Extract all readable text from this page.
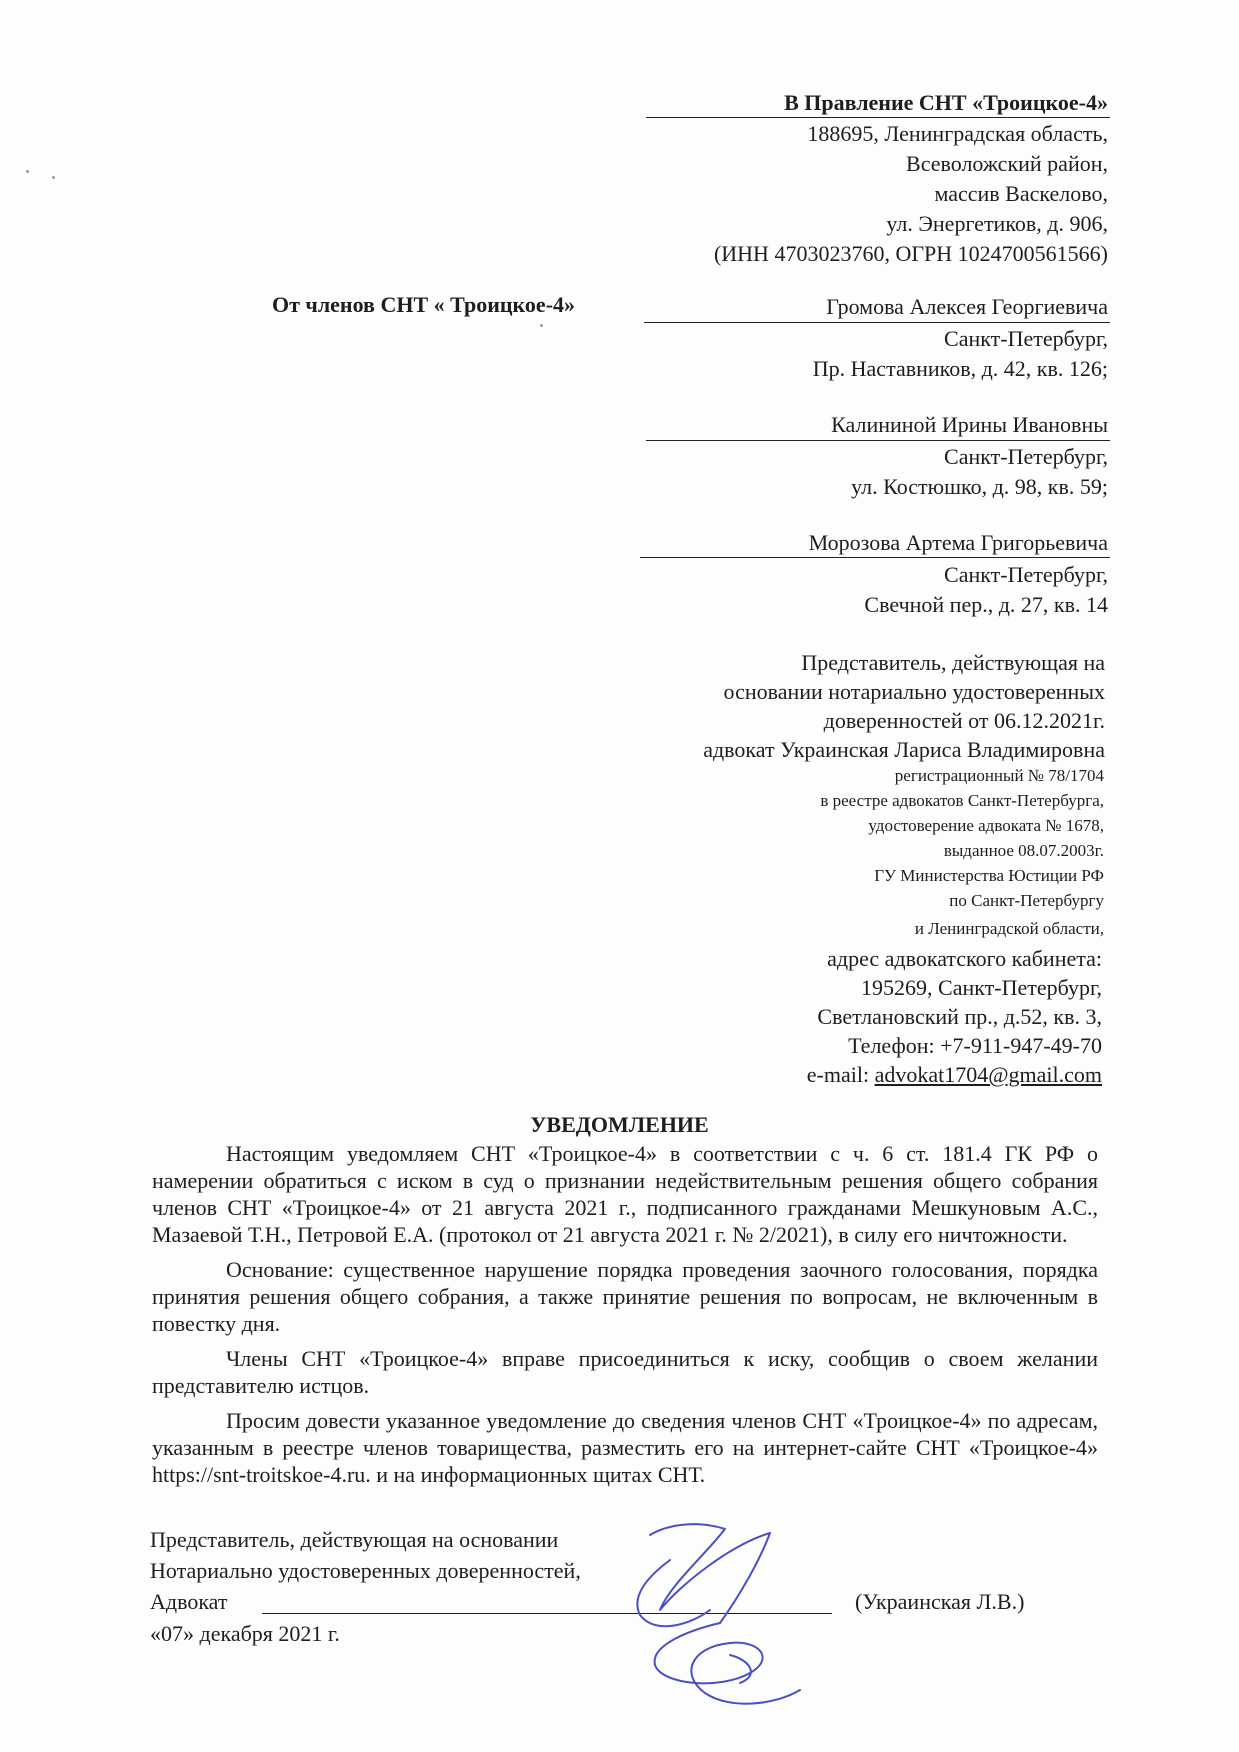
В Правление СНТ «Троицкое-4»
188695, Ленинградская область,
Всеволожский район,
массив Васкелово,
ул. Энергетиков, д. 906,
(ИНН 4703023760, ОГРН 1024700561566)
От членов СНТ « Троицкое-4»	Громова Алексея Георгиевича
Санкт-Петербург,
Пр. Наставников, д. 42, кв. 126;
Калининой Ирины Ивановны
Санкт-Петербург,
ул. Костюшко, д. 98, кв. 59;
Морозова Артема Григорьевича
Санкт-Петербург,
Свечной пер., д. 27, кв. 14
Представитель, действующая на
основании нотариально удостоверенных
доверенностей от 06.12.2021г.
адвокат Украинская Лариса Владимировна
регистрационный № 78/1704
в реестре адвокатов Санкт-Петербурга,
удостоверение адвоката № 1678,
выданное 08.07.2003г.
ГУ Министерства Юстиции РФ
по Санкт-Петербургу
и Ленинградской области,
адрес адвокатского кабинета:
195269, Санкт-Петербург,
Светлановский пр., д.52, кв. 3,
Телефон: +7-911-947-49-70
e-mail: advokat1704@gmail.com
УВЕДОМЛЕНИЕ

Настоящим уведомляем СНТ «Троицкое-4» в соответствии с ч. 6 ст. 181.4 ГК РФ о намерении обратиться с иском в суд о признании недействительным решения общего собрания членов СНТ «Троицкое-4» от 21 августа 2021 г., подписанного гражданами Мешкуновым А.С., Мазаевой Т.Н., Петровой Е.А. (протокол от 21 августа 2021 г. № 2/2021), в силу его ничтожности.

Основание: существенное нарушение порядка проведения заочного голосования, порядка принятия решения общего собрания, а также принятие решения по вопросам, не включенным в повестку дня.

Члены СНТ «Троицкое-4» вправе присоединиться к иску, сообщив о своем желании представителю истцов.

Просим довести указанное уведомление до сведения членов СНТ «Троицкое-4» по адресам, указанным в реестре членов товарищества, разместить его на интернет-сайте СНТ «Троицкое-4» https://snt-troitskoe-4.ru. и на информационных щитах СНТ.

Представитель, действующая на основании
Нотариально удостоверенных доверенностей,
Адвокат	(Украинская Л.В.)
«07» декабря 2021 г.
